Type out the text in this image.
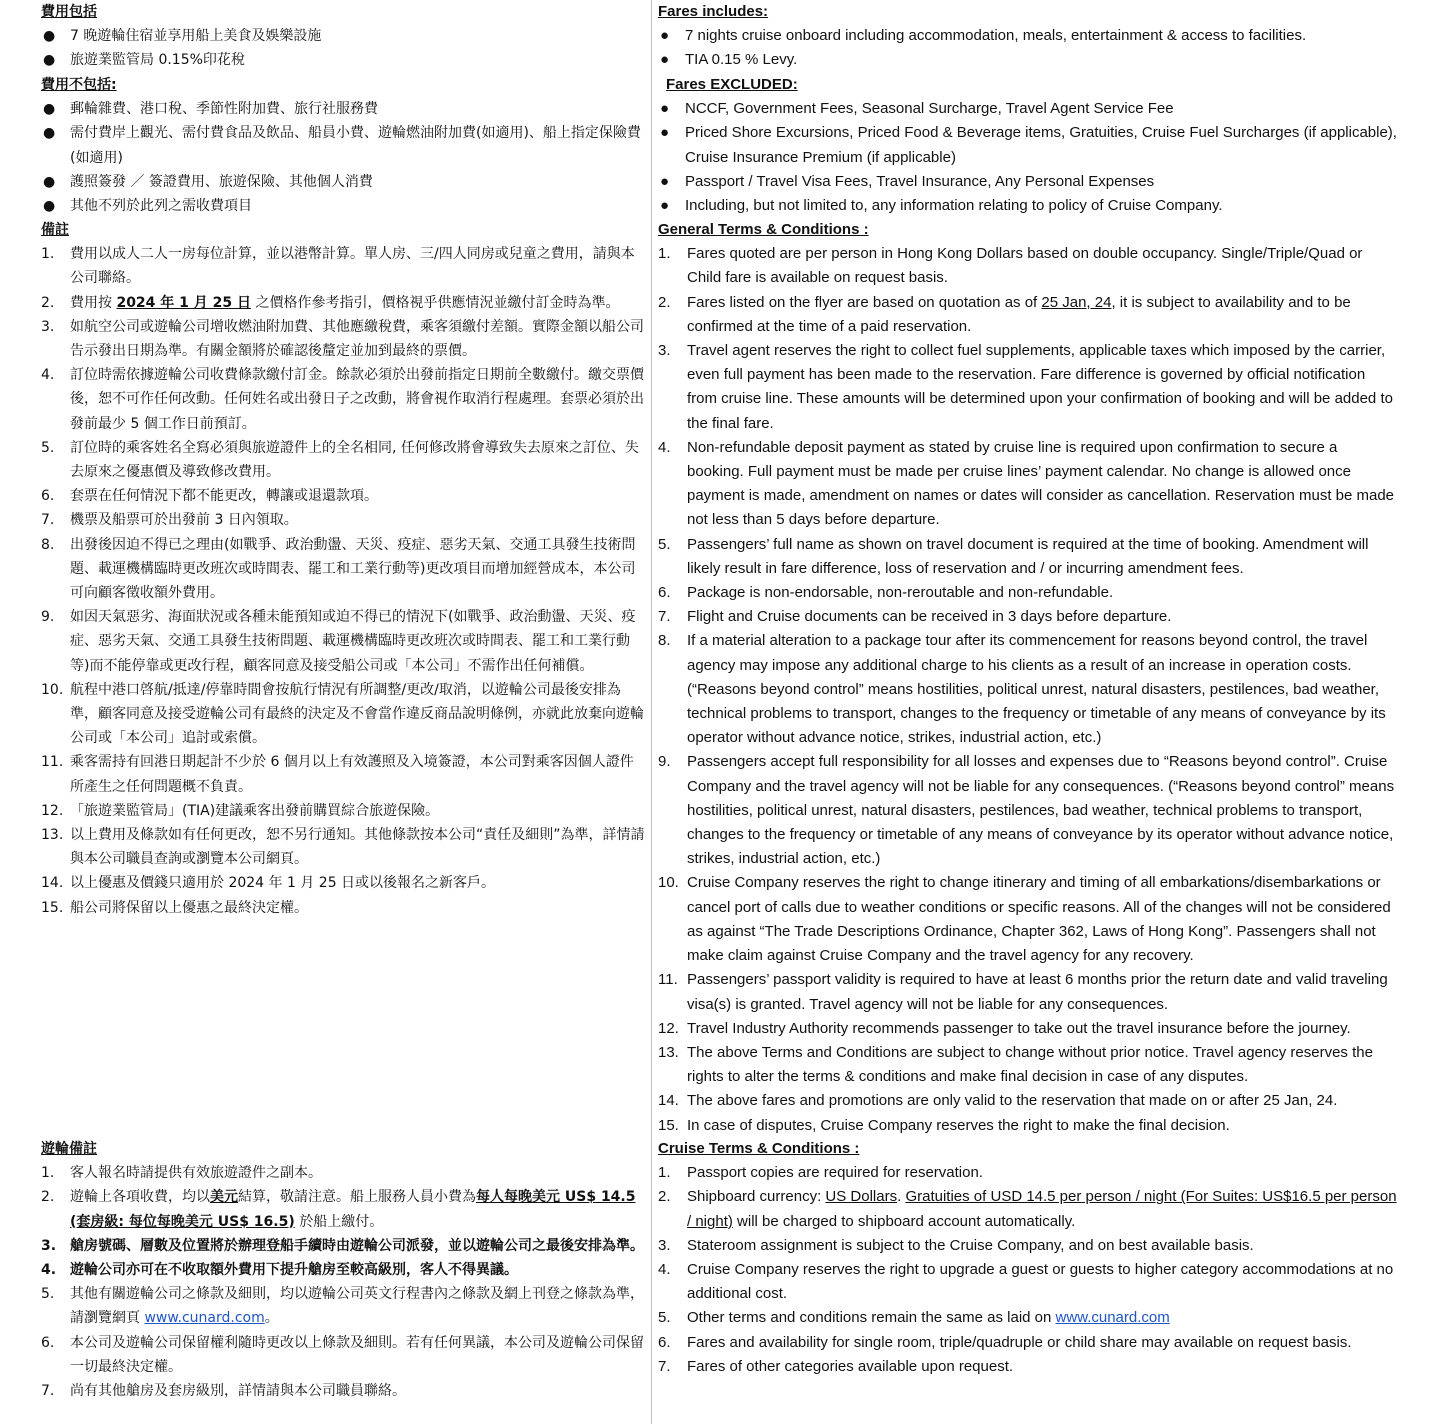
費用包括
●	7 晚遊輪住宿並享用船上美食及娛樂設施
●	旅遊業監管局 0.15%印花稅
費用不包括:
●	郵輪雜費、港口稅、季節性附加費、旅行社服務費
●	需付費岸上觀光、需付費食品及飲品、船員小費、遊輪燃油附加費(如適用)、船上指定保險費(如適用)
●	護照簽發 ／ 簽證費用、旅遊保險、其他個人消費
●	其他不列於此列之需收費項目
備註
1.	費用以成人二人一房每位計算，並以港幣計算。單人房、三/四人同房或兒童之費用，請與本公司聯絡。
2.	費用按 2024 年 1 月 25 日 之價格作參考指引，價格視乎供應情況並繳付訂金時為準。
3.	如航空公司或遊輪公司增收燃油附加費、其他應繳稅費，乘客須繳付差額。實際金額以船公司告示發出日期為準。有關金額將於確認後釐定並加到最終的票價。
4.	訂位時需依據遊輪公司收費條款繳付訂金。餘款必須於出發前指定日期前全數繳付。繳交票價後，恕不可作任何改動。任何姓名或出發日子之改動，將會視作取消行程處理。套票必須於出發前最少 5 個工作日前預訂。
5.	訂位時的乘客姓名全寫必須與旅遊證件上的全名相同, 任何修改將會導致失去原來之訂位、失去原來之優惠價及導致修改費用。
6.	套票在任何情況下都不能更改，轉讓或退還款項。
7.	機票及船票可於出發前 3 日內領取。
8.	出發後因迫不得已之理由(如戰爭、政治動盪、天災、疫症、惡劣天氣、交通工具發生技術問題、載運機構臨時更改班次或時間表、罷工和工業行動等)更改項目而增加經營成本，本公司可向顧客徵收額外費用。
9.	如因天氣惡劣、海面狀況或各種未能預知或迫不得已的情況下(如戰爭、政治動盪、天災、疫症、惡劣天氣、交通工具發生技術問題、載運機構臨時更改班次或時間表、罷工和工業行動等)而不能停靠或更改行程，顧客同意及接受船公司或「本公司」不需作出任何補償。
10. 航程中港口啓航/抵達/停靠時間會按航行情況有所調整/更改/取消，以遊輪公司最後安排為準，顧客同意及接受遊輪公司有最終的決定及不會當作違反商品說明條例，亦就此放棄向遊輪公司或「本公司」追討或索償。
11. 乘客需持有回港日期起計不少於 6 個月以上有效護照及入境簽證，本公司對乘客因個人證件所產生之任何問題概不負責。
12. 「旅遊業監管局」(TIA)建議乘客出發前購買綜合旅遊保險。
13. 以上費用及條款如有任何更改，恕不另行通知。其他條款按本公司“責任及細則”為準，詳情請與本公司職員查詢或瀏覽本公司網頁。
14. 以上優惠及價錢只適用於 2024 年 1 月 25 日或以後報名之新客戶。
15. 船公司將保留以上優惠之最終決定權。
遊輪備註
1.	客人報名時請提供有效旅遊證件之副本。
2.	遊輪上各項收費，均以美元結算，敬請注意。船上服務人員小費為每人每晚美元 US$ 14.5 (套房級: 每位每晚美元 US$ 16.5) 於船上繳付。
3. 艙房號碼、層數及位置將於辦理登船手續時由遊輪公司派發，並以遊輪公司之最後安排為準。
4. 遊輪公司亦可在不收取額外費用下提升艙房至較高級別，客人不得異議。
5.	其他有關遊輪公司之條款及細則，均以遊輪公司英文行程書內之條款及網上刊登之條款為準，請瀏覽網頁 www.cunard.com。
6.	本公司及遊輪公司保留權利隨時更改以上條款及細則。若有任何異議，本公司及遊輪公司保留一切最終決定權。
7.	尚有其他艙房及套房級別，詳情請與本公司職員聯絡。
Fares includes:
●	7 nights cruise onboard including accommodation, meals, entertainment & access to facilities.
●	TIA 0.15 % Levy.
Fares EXCLUDED:
●	NCCF, Government Fees, Seasonal Surcharge, Travel Agent Service Fee
●	Priced Shore Excursions, Priced Food & Beverage items, Gratuities, Cruise Fuel Surcharges (if applicable), Cruise Insurance Premium (if applicable)
●	Passport / Travel Visa Fees, Travel Insurance, Any Personal Expenses
●	Including, but not limited to, any information relating to policy of Cruise Company.
General Terms & Conditions :
1.	Fares quoted are per person in Hong Kong Dollars based on double occupancy. Single/Triple/Quad or Child fare is available on request basis.
2.	Fares listed on the flyer are based on quotation as of 25 Jan, 24, it is subject to availability and to be confirmed at the time of a paid reservation.
3.	Travel agent reserves the right to collect fuel supplements, applicable taxes which imposed by the carrier, even full payment has been made to the reservation. Fare difference is governed by official notification from cruise line. These amounts will be determined upon your confirmation of booking and will be added to the final fare.
4.	Non-refundable deposit payment as stated by cruise line is required upon confirmation to secure a booking. Full payment must be made per cruise lines’ payment calendar. No change is allowed once payment is made, amendment on names or dates will consider as cancellation. Reservation must be made not less than 5 days before departure.
5.	Passengers’ full name as shown on travel document is required at the time of booking. Amendment will likely result in fare difference, loss of reservation and / or incurring amendment fees.
6.	Package is non-endorsable, non-reroutable and non-refundable.
7.	Flight and Cruise documents can be received in 3 days before departure.
8.	If a material alteration to a package tour after its commencement for reasons beyond control, the travel agency may impose any additional charge to his clients as a result of an increase in operation costs. (“Reasons beyond control” means hostilities, political unrest, natural disasters, pestilences, bad weather, technical problems to transport, changes to the frequency or timetable of any means of conveyance by its operator without advance notice, strikes, industrial action, etc.)
9.	Passengers accept full responsibility for all losses and expenses due to “Reasons beyond control”. Cruise Company and the travel agency will not be liable for any consequences. (“Reasons beyond control” means hostilities, political unrest, natural disasters, pestilences, bad weather, technical problems to transport, changes to the frequency or timetable of any means of conveyance by its operator without advance notice, strikes, industrial action, etc.)
10. Cruise Company reserves the right to change itinerary and timing of all embarkations/disembarkations or cancel port of calls due to weather conditions or specific reasons. All of the changes will not be considered as against “The Trade Descriptions Ordinance, Chapter 362, Laws of Hong Kong”. Passengers shall not make claim against Cruise Company and the travel agency for any recovery.
11. Passengers’ passport validity is required to have at least 6 months prior the return date and valid traveling visa(s) is granted. Travel agency will not be liable for any consequences.
12. Travel Industry Authority recommends passenger to take out the travel insurance before the journey.
13. The above Terms and Conditions are subject to change without prior notice. Travel agency reserves the rights to alter the terms & conditions and make final decision in case of any disputes.
14. The above fares and promotions are only valid to the reservation that made on or after 25 Jan, 24.
15. In case of disputes, Cruise Company reserves the right to make the final decision.
Cruise Terms & Conditions :
1.	Passport copies are required for reservation.
2.	Shipboard currency: US Dollars. Gratuities of USD 14.5 per person / night (For Suites: US$16.5 per person / night) will be charged to shipboard account automatically.
3.	Stateroom assignment is subject to the Cruise Company, and on best available basis.
4.	Cruise Company reserves the right to upgrade a guest or guests to higher category accommodations at no additional cost.
5.	Other terms and conditions remain the same as laid on www.cunard.com
6.	Fares and availability for single room, triple/quadruple or child share may available on request basis.
7.	Fares of other categories available upon request.
